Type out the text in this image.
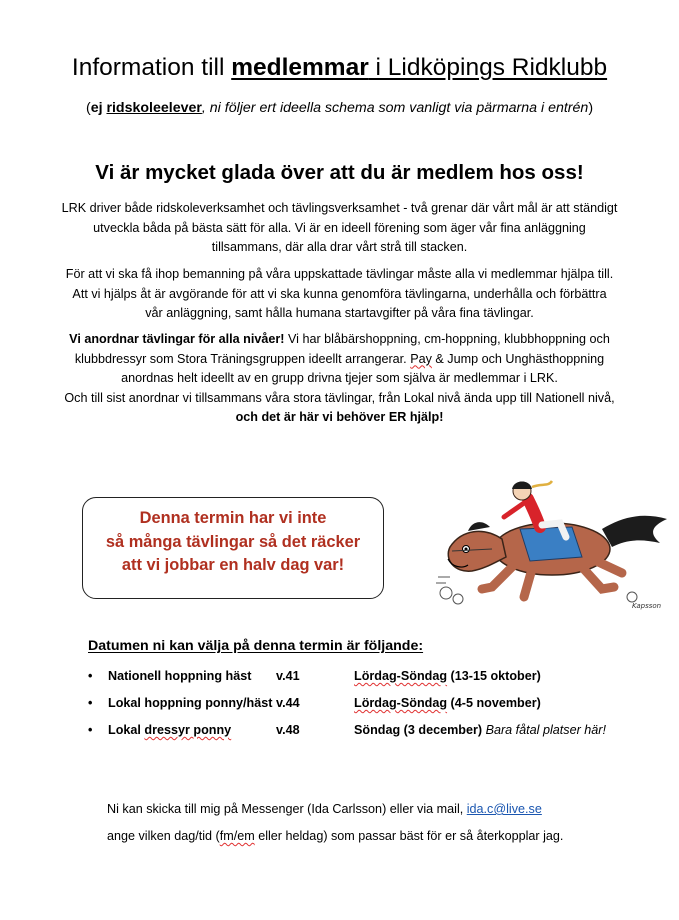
Information till medlemmar i Lidköpings Ridklubb
(ej ridskoleelever, ni följer ert ideella schema som vanligt via pärmarna i entrén)
Vi är mycket glada över att du är medlem hos oss!
LRK driver både ridskoleverksamhet och tävlingsverksamhet - två grenar där vårt mål är att ständigt
utveckla båda på bästa sätt för alla. Vi är en ideell förening som äger vår fina anläggning
tillsammans, där alla drar vårt strå till stacken.
För att vi ska få ihop bemanning på våra uppskattade tävlingar måste alla vi medlemmar hjälpa till.
Att vi hjälps åt är avgörande för att vi ska kunna genomföra tävlingarna, underhålla och förbättra
vår anläggning, samt hålla humana startavgifter på våra fina tävlingar.
Vi anordnar tävlingar för alla nivåer! Vi har blåbärshoppning, cm-hoppning, klubbhoppning och
klubbdressyr som Stora Träningsgruppen ideellt arrangerar. Pay & Jump och Unghästhoppning
anordnas helt ideellt av en grupp drivna tjejer som själva är medlemmar i LRK.
Och till sist anordnar vi tillsammans våra stora tävlingar, från Lokal nivå ända upp till Nationell nivå,
och det är här vi behöver ER hjälp!
Denna termin har vi inte
så många tävlingar så det räcker
att vi jobbar en halv dag var!
Kapsson
Datumen ni kan välja på denna termin är följande:
• Nationell hoppning häst v.41	Lördag-Söndag (13-15 oktober)
• Lokal hoppning ponny/häst v.44	Lördag-Söndag (4-5 november)
• Lokal dressyr ponny	v.48	Söndag (3 december) Bara fåtal platser här!
Ni kan skicka till mig på Messenger (Ida Carlsson) eller via mail, ida.c@live.se
ange vilken dag/tid (fm/em eller heldag) som passar bäst för er så återkopplar jag.
